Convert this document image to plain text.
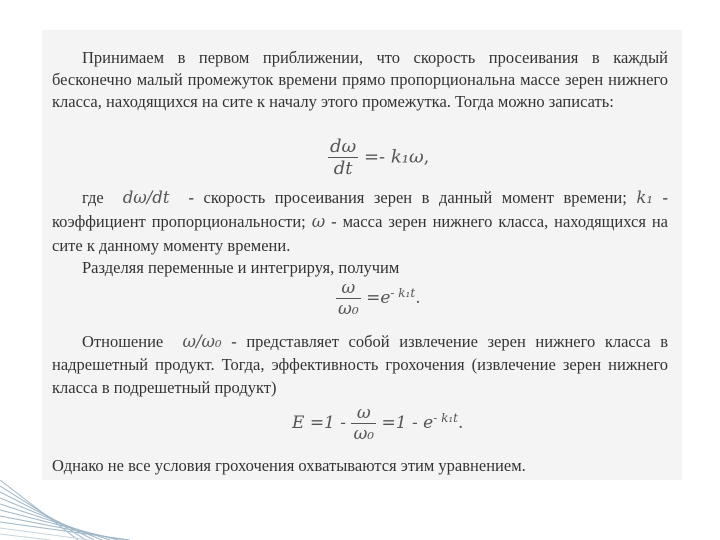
Принимаем в первом приближении, что скорость просеивания в каждый бесконечно малый промежуток времени прямо пропорциональна массе зерен нижнего класса, находящихся на сите к началу этого промежутка. Тогда можно записать:
$\frac{d\omega}{dt} =- k_1\omega$,
где dω/dt - скорость просеивания зерен в данный момент времени; k₁ - коэффициент пропорциональности; ω - масса зерен нижнего класса, находящихся на сите к данному моменту времени.
Разделяя переменные и интегрируя, получим
$\frac{\omega}{\text{ω₀}} =e^{- k_1t}$.
Отношение ω/ω₀ - представляет собой извлечение зерен нижнего класса в надрешетный продукт. Тогда, эффективность грохочения (извлечение зерен нижнего класса в подрешетный продукт)
$E =1 - \frac{\omega}{\text{ω₀}} =1 - e^{- k_1t}$.
Однако не все условия грохочения охватываются этим уравнением.
